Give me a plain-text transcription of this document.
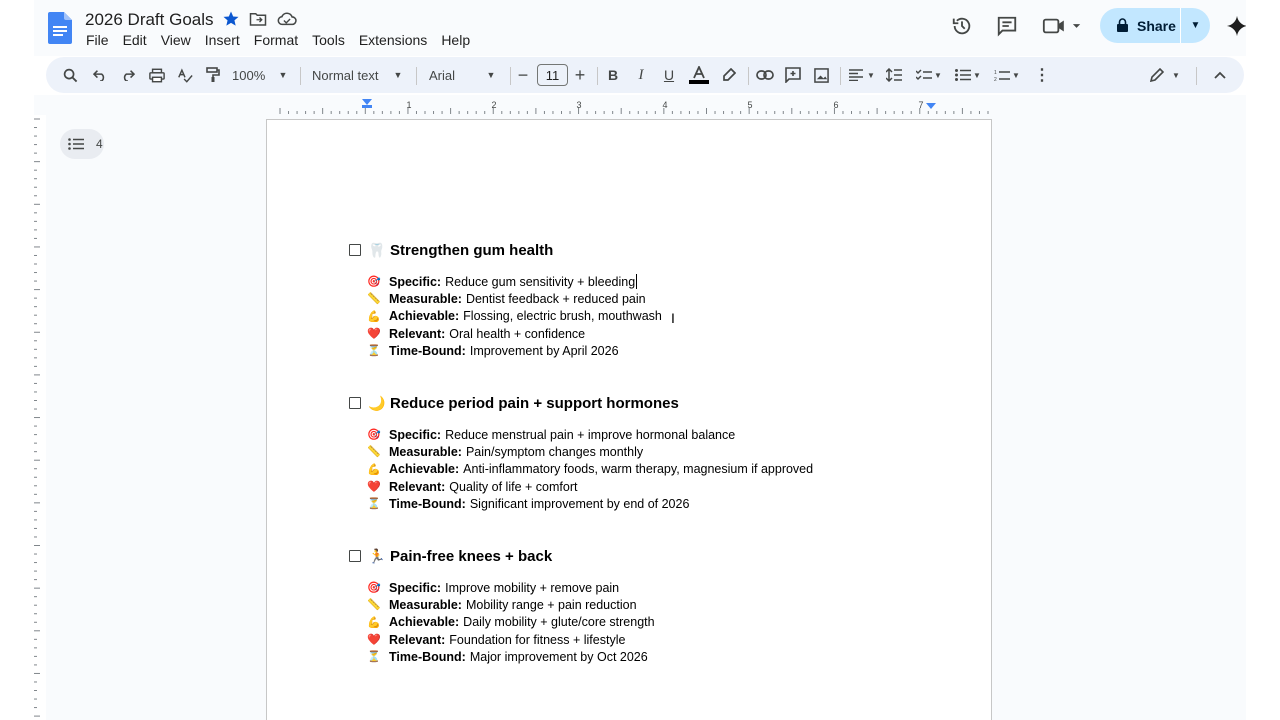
2026 Draft Goals
File	Edit	View	Insert	Format	Tools	Extensions	Help
Share	▼
100% ▼ Normal text ▼ Arial	▼ −	11 + B	I	U	▼	▼	▼	1
2 ▼ ⋮	▼
1	2	3	4	5	6	7
4
🦷 Strengthen gum health
🎯 Specific: Reduce gum sensitivity + bleeding
📏 Measurable: Dentist feedback + reduced pain
💪 Achievable: Flossing, electric brush, mouthwash
❤️ Relevant: Oral health + confidence
⏳ Time-Bound: Improvement by April 2026
🌙 Reduce period pain + support hormones
🎯 Specific: Reduce menstrual pain + improve hormonal balance
📏 Measurable: Pain/symptom changes monthly
💪 Achievable: Anti-inflammatory foods, warm therapy, magnesium if approved
❤️ Relevant: Quality of life + comfort
⏳ Time-Bound: Significant improvement by end of 2026
🏃 Pain-free knees + back
🎯 Specific: Improve mobility + remove pain
📏 Measurable: Mobility range + pain reduction
💪 Achievable: Daily mobility + glute/core strength
❤️ Relevant: Foundation for fitness + lifestyle
⏳ Time-Bound: Major improvement by Oct 2026
I
